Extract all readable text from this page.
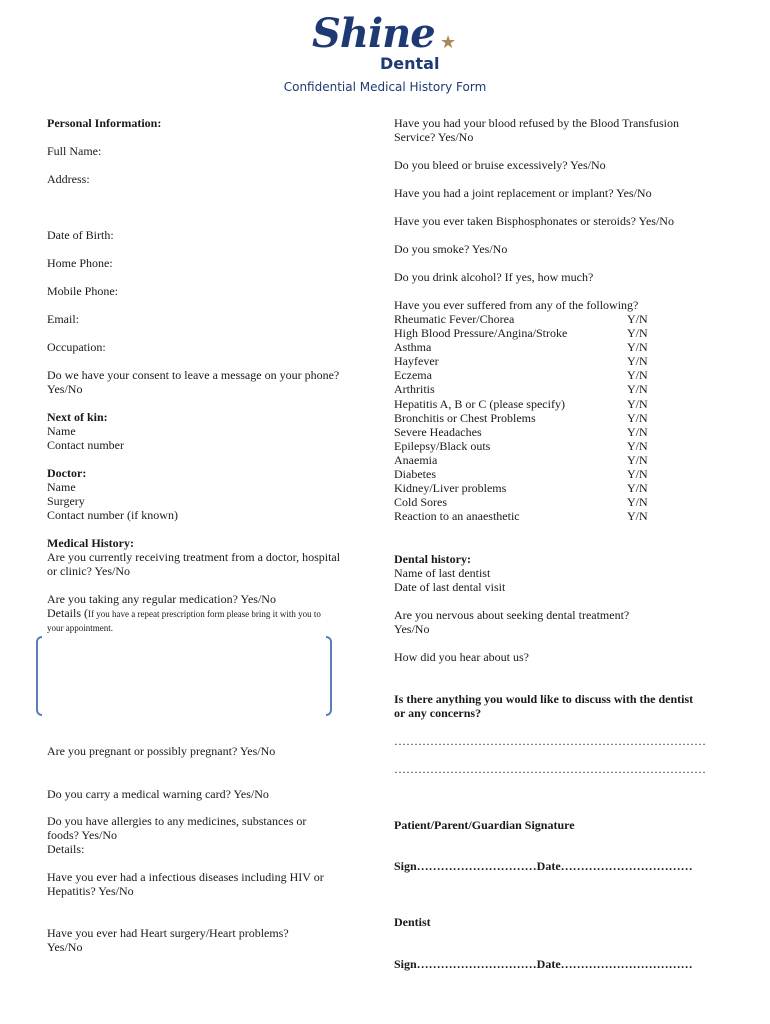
Shine ★
Dental
Confidential Medical History Form
Personal Information:
Full Name:
Address:
Date of Birth:
Home Phone:
Mobile Phone:
Email:
Occupation:
Do we have your consent to leave a message on your phone?
Yes/No
Next of kin:
Name
Contact number
Doctor:
Name
Surgery
Contact number (if known)
Medical History:
Are you currently receiving treatment from a doctor, hospital
or clinic? Yes/No
Are you taking any regular medication? Yes/No
Details (If you have a repeat prescription form please bring it with you to
your appointment.
Are you pregnant or possibly pregnant? Yes/No
Do you carry a medical warning card? Yes/No
Do you have allergies to any medicines, substances or
foods? Yes/No
Details:
Have you ever had a infectious diseases including HIV or
Hepatitis? Yes/No
Have you ever had Heart surgery/Heart problems?
Yes/No
Have you had your blood refused by the Blood Transfusion
Service? Yes/No
Do you bleed or bruise excessively? Yes/No
Have you had a joint replacement or implant? Yes/No
Have you ever taken Bisphosphonates or steroids? Yes/No
Do you smoke? Yes/No
Do you drink alcohol? If yes, how much?
Have you ever suffered from any of the following?
Rheumatic Fever/Chorea	Y/N
High Blood Pressure/Angina/Stroke	Y/N
Asthma	Y/N
Hayfever	Y/N
Eczema	Y/N
Arthritis	Y/N
Hepatitis A, B or C (please specify)	Y/N
Bronchitis or Chest Problems	Y/N
Severe Headaches	Y/N
Epilepsy/Black outs	Y/N
Anaemia	Y/N
Diabetes	Y/N
Kidney/Liver problems	Y/N
Cold Sores	Y/N
Reaction to an anaesthetic	Y/N
Dental history:
Name of last dentist
Date of last dental visit
Are you nervous about seeking dental treatment?
Yes/No
How did you hear about us?
Is there anything you would like to discuss with the dentist
or any concerns?
……………………………………………………………………
……………………………………………………………………
Patient/Parent/Guardian Signature
Sign…………………………Date……………………………
Dentist
Sign…………………………Date……………………………
